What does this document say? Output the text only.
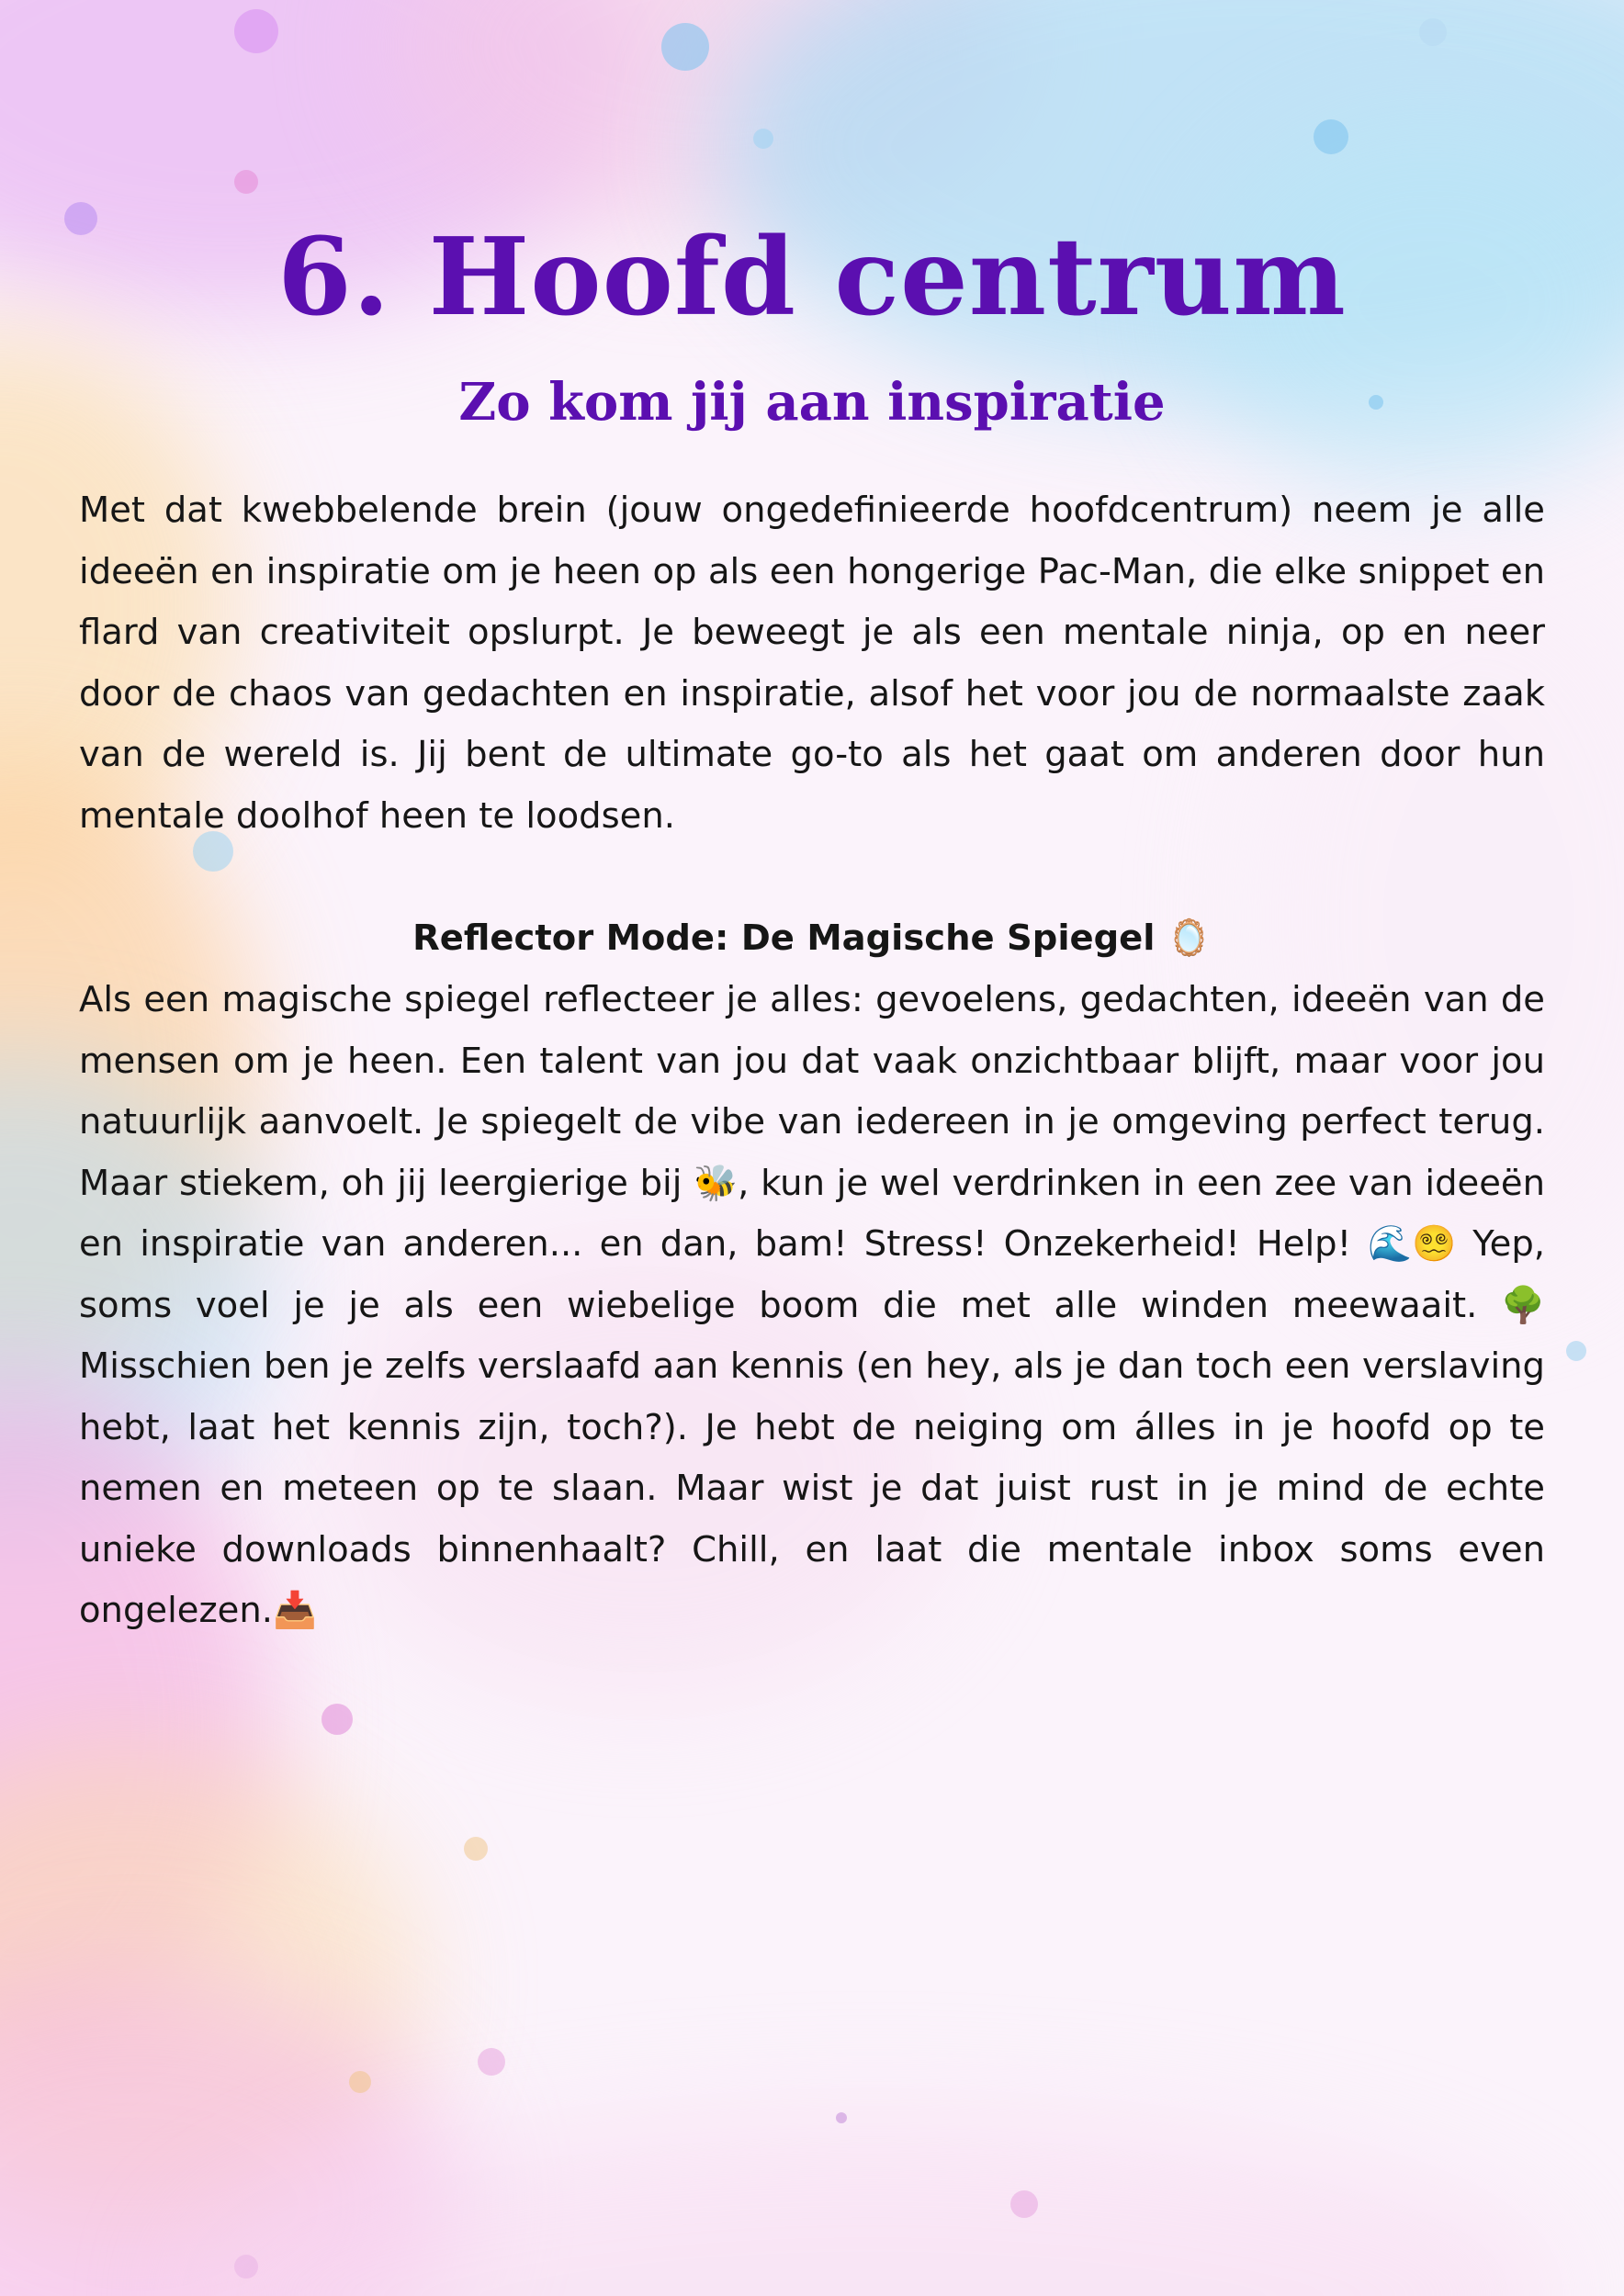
6. Hoofd centrum
Zo kom jij aan inspiratie

Met dat kwebbelende brein (jouw ongedefinieerde hoofdcentrum) neem je alle ideeën en inspiratie om je heen op als een hongerige Pac-Man, die elke snippet en flard van creativiteit opslurpt. Je beweegt je als een mentale ninja, op en neer door de chaos van gedachten en inspiratie, alsof het voor jou de normaalste zaak van de wereld is. Jij bent de ultimate go-to als het gaat om anderen door hun mentale doolhof heen te loodsen.

Reflector Mode: De Magische Spiegel 🪞

Als een magische spiegel reflecteer je alles: gevoelens, gedachten, ideeën van de mensen om je heen. Een talent van jou dat vaak onzichtbaar blijft, maar voor jou natuurlijk aanvoelt. Je spiegelt de vibe van iedereen in je omgeving perfect terug. Maar stiekem, oh jij leergierige bij 🐝, kun je wel verdrinken in een zee van ideeën en inspiratie van anderen... en dan, bam! Stress! Onzekerheid! Help! 🌊😵‍💫 Yep, soms voel je je als een wiebelige boom die met alle winden meewaait. 🌳 Misschien ben je zelfs verslaafd aan kennis (en hey, als je dan toch een verslaving hebt, laat het kennis zijn, toch?). Je hebt de neiging om álles in je hoofd op te nemen en meteen op te slaan. Maar wist je dat juist rust in je mind de echte unieke downloads binnenhaalt? Chill, en laat die mentale inbox soms even ongelezen.📥
